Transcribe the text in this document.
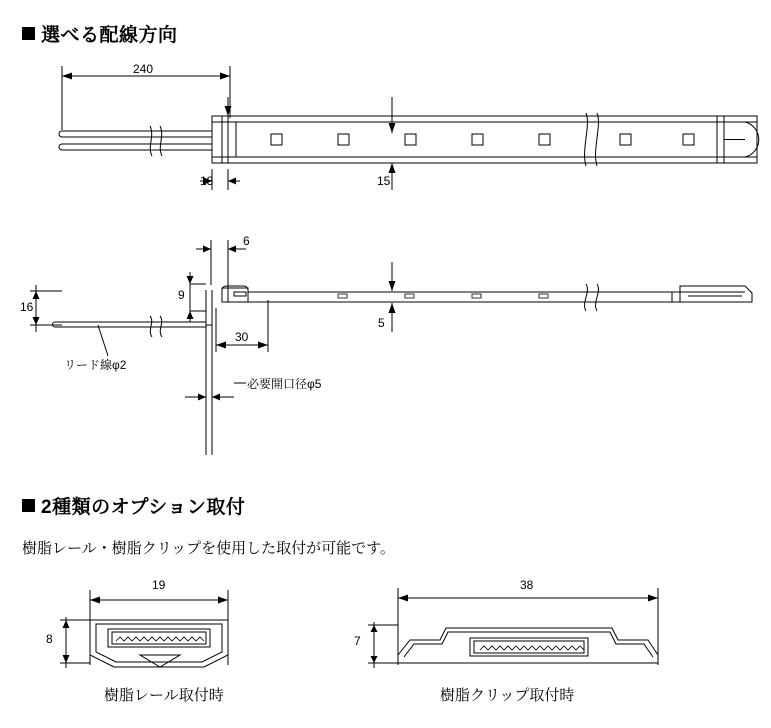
選べる配線方向
240
18	15
6
9
16
30
5
リード線φ2
必要開口径φ5
2種類のオプション取付
樹脂レール・樹脂クリップを使用した取付が可能です。
19
8
樹脂レール取付時
38
7
樹脂クリップ取付時
